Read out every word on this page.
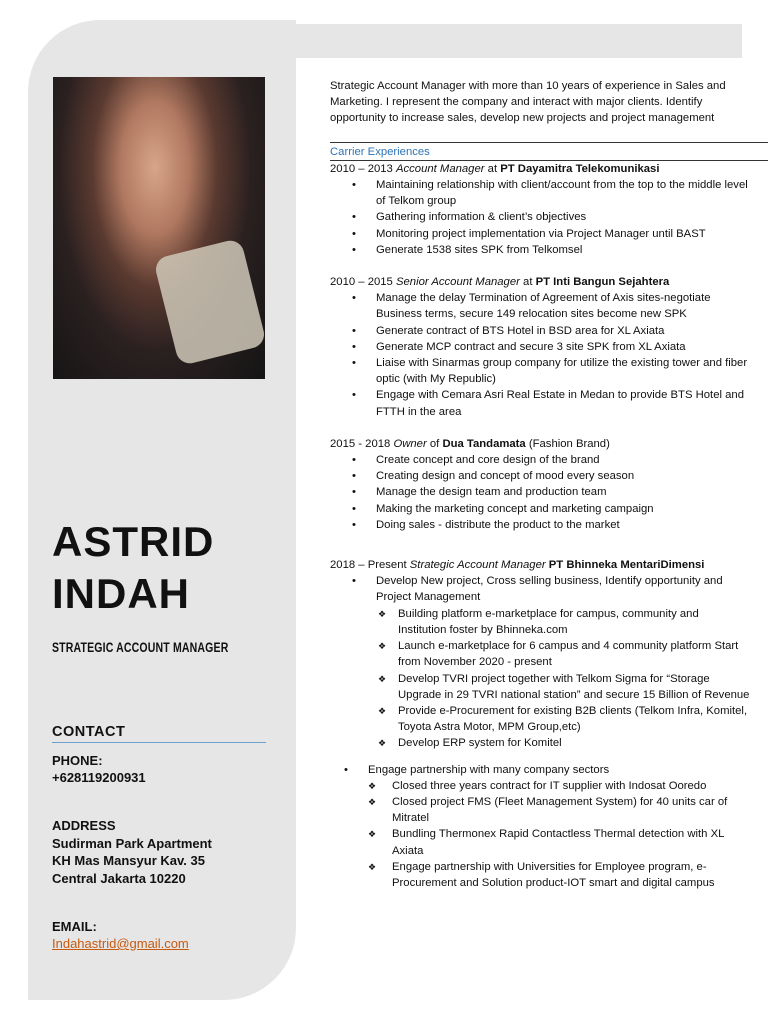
ASTRID
INDAH
STRATEGIC ACCOUNT MANAGER
CONTACT
PHONE:
+628119200931
ADDRESS
Sudirman Park Apartment
KH Mas Mansyur Kav. 35
Central Jakarta 10220
EMAIL:
Indahastrid@gmail.com
Strategic Account Manager with more than 10 years of experience in Sales and Marketing. I represent the company and interact with major clients. Identify opportunity to increase sales, develop new projects and project management
Carrier Experiences
2010 – 2013 Account Manager at PT Dayamitra Telekomunikasi
• Maintaining relationship with client/account from the top to the middle level of Telkom group
• Gathering information & client’s objectives
• Monitoring project implementation via Project Manager until BAST
• Generate 1538 sites SPK from Telkomsel
2010 – 2015 Senior Account Manager at PT Inti Bangun Sejahtera
• Manage the delay Termination of Agreement of Axis sites-negotiate Business terms, secure 149 relocation sites become new SPK
• Generate contract of BTS Hotel in BSD area for XL Axiata
• Generate MCP contract and secure 3 site SPK from XL Axiata
• Liaise with Sinarmas group company for utilize the existing tower and fiber optic (with My Republic)
• Engage with Cemara Asri Real Estate in Medan to provide BTS Hotel and FTTH in the area
2015 - 2018 Owner of Dua Tandamata (Fashion Brand)
• Create concept and core design of the brand
• Creating design and concept of mood every season
• Manage the design team and production team
• Making the marketing concept and marketing campaign
• Doing sales - distribute the product to the market
2018 – Present Strategic Account Manager PT Bhinneka MentariDimensi
• Develop New project, Cross selling business, Identify opportunity and Project Management
❖ Building platform e-marketplace for campus, community and Institution foster by Bhinneka.com
❖ Launch e-marketplace for 6 campus and 4 community platform Start from November 2020 - present
❖ Develop TVRI project together with Telkom Sigma for “Storage Upgrade in 29 TVRI national station” and secure 15 Billion of Revenue
❖ Provide e-Procurement for existing B2B clients (Telkom Infra, Komitel, Toyota Astra Motor, MPM Group,etc)
❖ Develop ERP system for Komitel
• Engage partnership with many company sectors
❖ Closed three years contract for IT supplier with Indosat Ooredo
❖ Closed project FMS (Fleet Management System) for 40 units car of Mitratel
❖ Bundling Thermonex Rapid Contactless Thermal detection with XL Axiata
❖ Engage partnership with Universities for Employee program, e-Procurement and Solution product-IOT smart and digital campus
